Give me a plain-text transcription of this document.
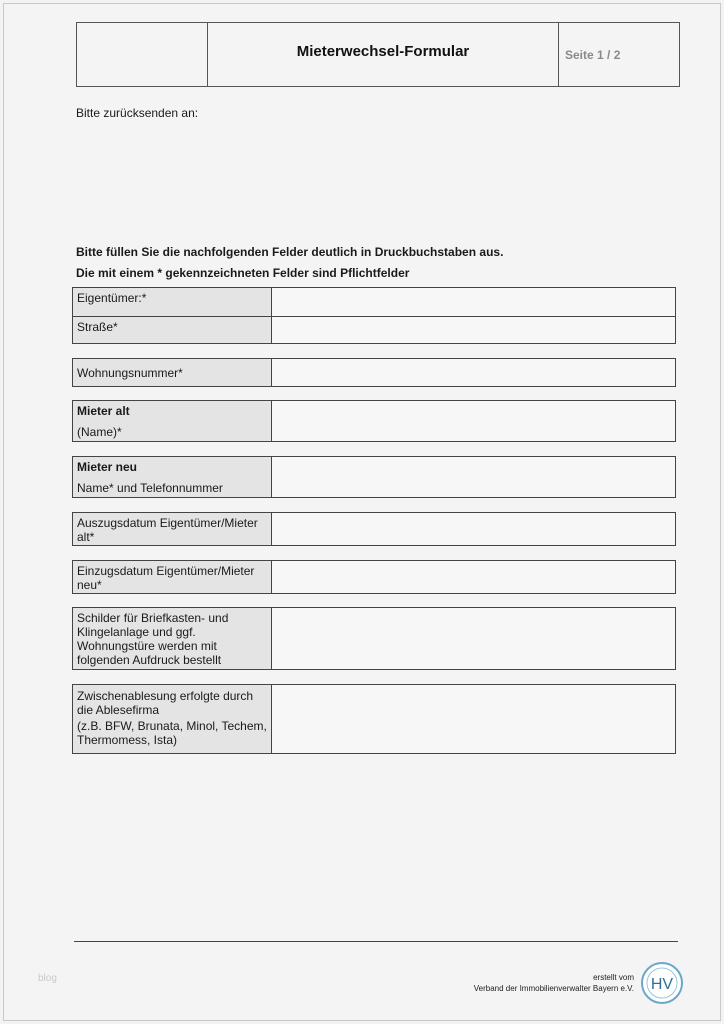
Mieterwechsel-Formular	Seite 1 / 2
Bitte zurücksenden an:
Bitte füllen Sie die nachfolgenden Felder deutlich in Druckbuchstaben aus.
Die mit einem * gekennzeichneten Felder sind Pflichtfelder
Eigentümer:*
Straße*
Wohnungsnummer*
Mieter alt
(Name)*
Mieter neu
Name* und Telefonnummer
Auszugsdatum Eigentümer/Mieter alt*
Einzugsdatum Eigentümer/Mieter neu*
Schilder für Briefkasten- und Klingelanlage und ggf. Wohnungstüre werden mit folgenden Aufdruck bestellt
Zwischenablesung erfolgte durch die Ablesefirma
(z.B. BFW, Brunata, Minol, Techem, Thermomess, Ista)
blog	erstellt vom
Verband der Immobilienverwalter Bayern e.V. HV
